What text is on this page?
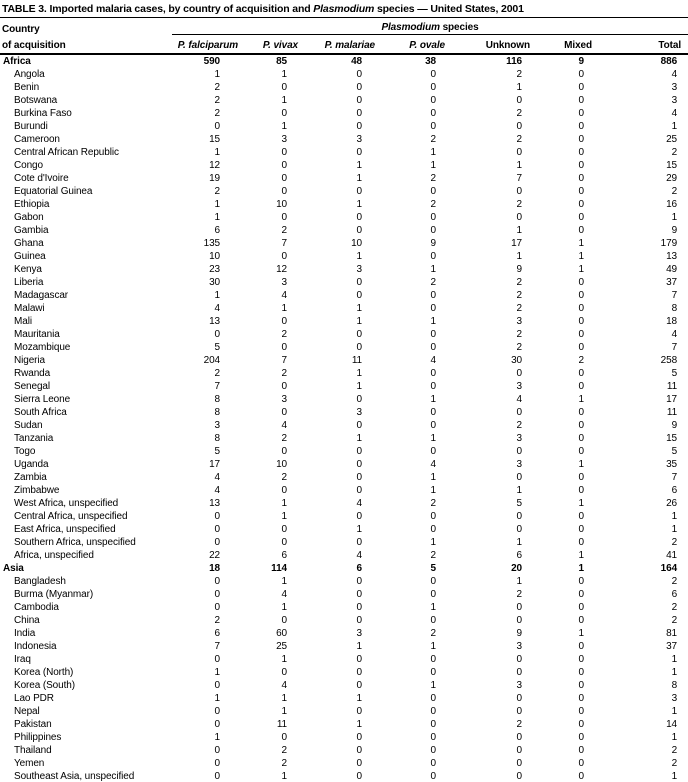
TABLE 3. Imported malaria cases, by country of acquisition and Plasmodium species — United States, 2001
Country	Plasmodium species						
of acquisition	P. falciparum	P. vivax	P. malariae	P. ovale	Unknown	Mixed	Total
Africa	590	85	48	38	116	9	886
Angola	1	1	0	0	2	0	4
Benin	2	0	0	0	1	0	3
Botswana	2	1	0	0	0	0	3
Burkina Faso	2	0	0	0	2	0	4
Burundi	0	1	0	0	0	0	1
Cameroon	15	3	3	2	2	0	25
Central African Republic	1	0	0	1	0	0	2
Congo	12	0	1	1	1	0	15
Cote d'Ivoire	19	0	1	2	7	0	29
Equatorial Guinea	2	0	0	0	0	0	2
Ethiopia	1	10	1	2	2	0	16
Gabon	1	0	0	0	0	0	1
Gambia	6	2	0	0	1	0	9
Ghana	135	7	10	9	17	1	179
Guinea	10	0	1	0	1	1	13
Kenya	23	12	3	1	9	1	49
Liberia	30	3	0	2	2	0	37
Madagascar	1	4	0	0	2	0	7
Malawi	4	1	1	0	2	0	8
Mali	13	0	1	1	3	0	18
Mauritania	0	2	0	0	2	0	4
Mozambique	5	0	0	0	2	0	7
Nigeria	204	7	11	4	30	2	258
Rwanda	2	2	1	0	0	0	5
Senegal	7	0	1	0	3	0	11
Sierra Leone	8	3	0	1	4	1	17
South Africa	8	0	3	0	0	0	11
Sudan	3	4	0	0	2	0	9
Tanzania	8	2	1	1	3	0	15
Togo	5	0	0	0	0	0	5
Uganda	17	10	0	4	3	1	35
Zambia	4	2	0	1	0	0	7
Zimbabwe	4	0	0	1	1	0	6
West Africa, unspecified	13	1	4	2	5	1	26
Central Africa, unspecified	0	1	0	0	0	0	1
East Africa, unspecified	0	0	1	0	0	0	1
Southern Africa, unspecified	0	0	0	1	1	0	2
Africa, unspecified	22	6	4	2	6	1	41
Asia	18	114	6	5	20	1	164
Bangladesh	0	1	0	0	1	0	2
Burma (Myanmar)	0	4	0	0	2	0	6
Cambodia	0	1	0	1	0	0	2
China	2	0	0	0	0	0	2
India	6	60	3	2	9	1	81
Indonesia	7	25	1	1	3	0	37
Iraq	0	1	0	0	0	0	1
Korea (North)	1	0	0	0	0	0	1
Korea (South)	0	4	0	1	3	0	8
Lao PDR	1	1	1	0	0	0	3
Nepal	0	1	0	0	0	0	1
Pakistan	0	11	1	0	2	0	14
Philippines	1	0	0	0	0	0	1
Thailand	0	2	0	0	0	0	2
Yemen	0	2	0	0	0	0	2
Southeast Asia, unspecified	0	1	0	0	0	0	1
